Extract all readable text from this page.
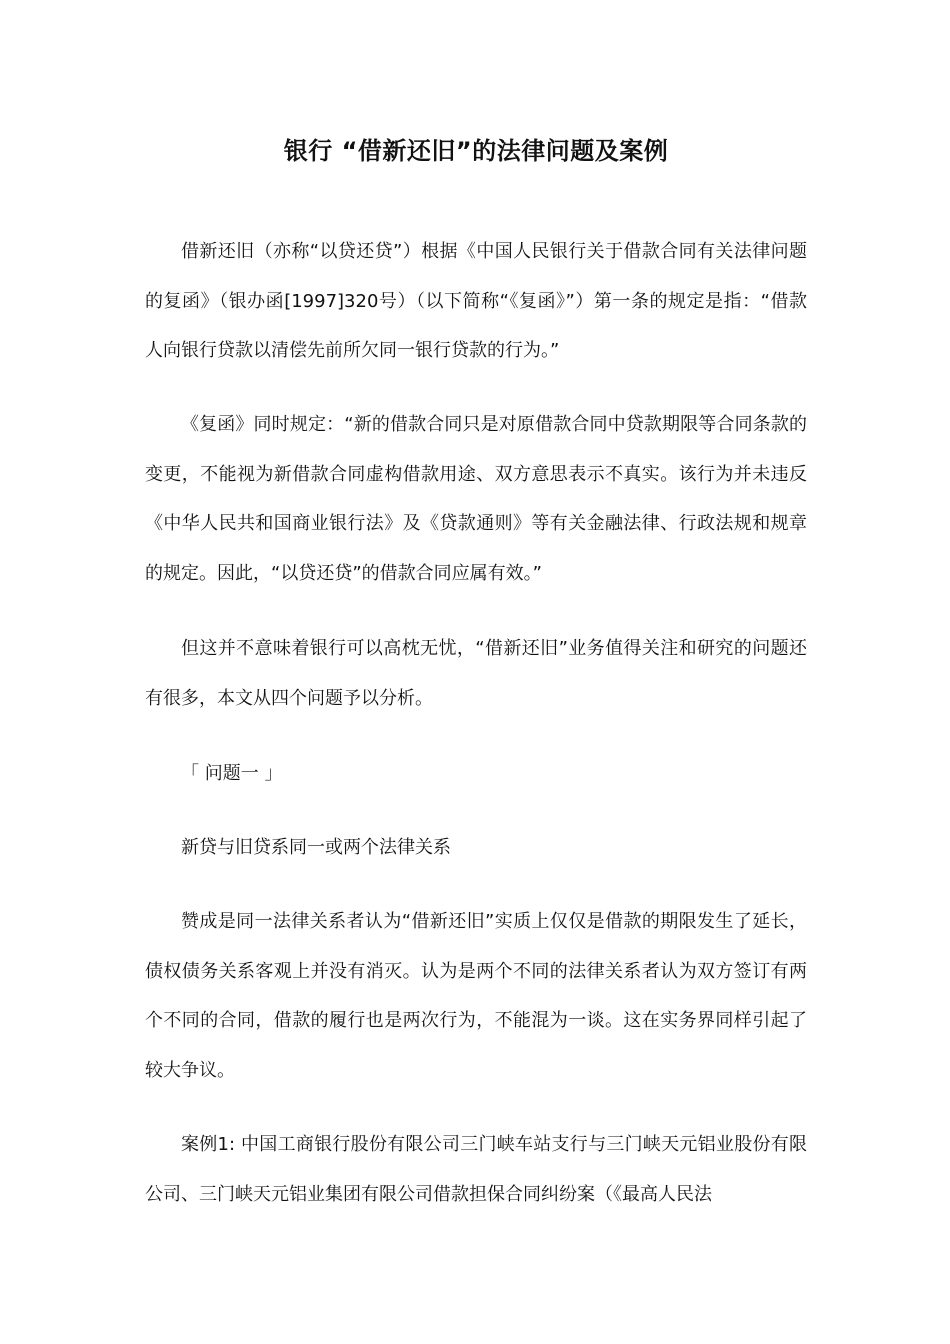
银行 “借新还旧”的法律问题及案例

借新还旧（亦称“以贷还贷”）根据《中国人民银行关于借款合同有关法律问题的复函》（银办函[1997]320号）（以下简称“《复函》”）第一条的规定是指：“借款人向银行贷款以清偿先前所欠同一银行贷款的行为。”

《复函》同时规定：“新的借款合同只是对原借款合同中贷款期限等合同条款的变更，不能视为新借款合同虚构借款用途、双方意思表示不真实。该行为并未违反《中华人民共和国商业银行法》及《贷款通则》等有关金融法律、行政法规和规章的规定。因此，“以贷还贷”的借款合同应属有效。”

但这并不意味着银行可以高枕无忧，“借新还旧”业务值得关注和研究的问题还有很多，本文从四个问题予以分析。

「 问题一 」

新贷与旧贷系同一或两个法律关系

赞成是同一法律关系者认为“借新还旧”实质上仅仅是借款的期限发生了延长，债权债务关系客观上并没有消灭。认为是两个不同的法律关系者认为双方签订有两个不同的合同，借款的履行也是两次行为，不能混为一谈。这在实务界同样引起了较大争议。

案例1: 中国工商银行股份有限公司三门峡车站支行与三门峡天元铝业股份有限公司、三门峡天元铝业集团有限公司借款担保合同纠纷案（《最高人民法
